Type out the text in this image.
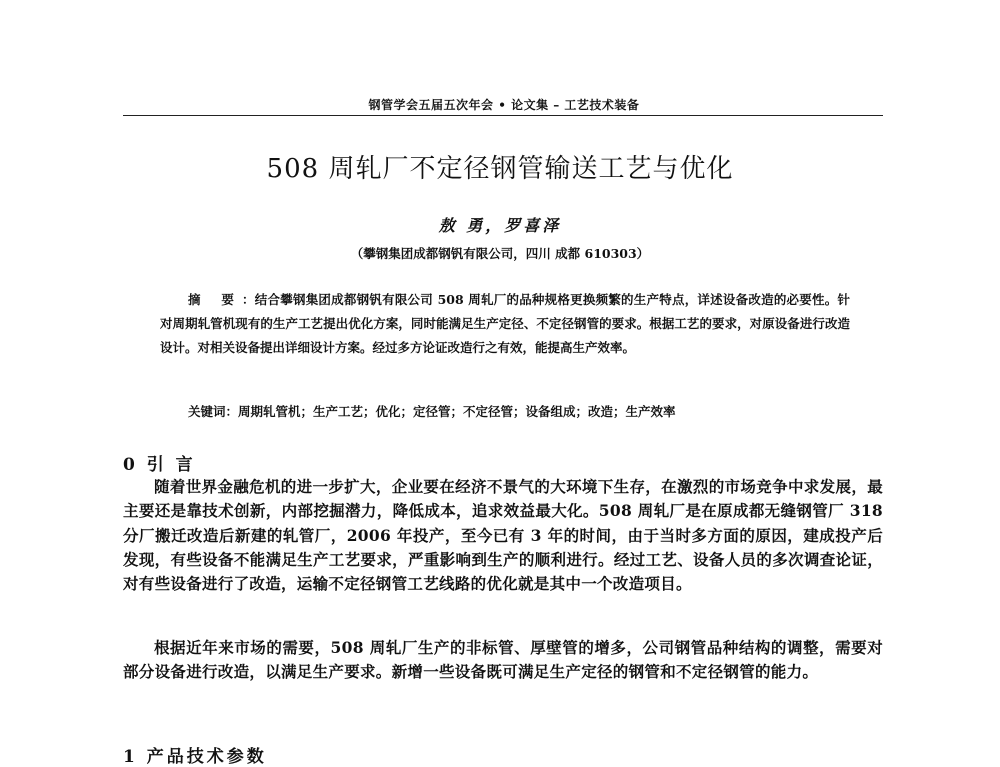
钢管学会五届五次年会 • 论文集 – 工艺技术装备
508 周轧厂不定径钢管输送工艺与优化
敖 勇，罗喜泽
（攀钢集团成都钢钒有限公司，四川 成都 610303）
摘 要：结合攀钢集团成都钢钒有限公司 508 周轧厂的品种规格更换频繁的生产特点，详述设备改造的必要性。针对周期轧管机现有的生产工艺提出优化方案，同时能满足生产定径、不定径钢管的要求。根据工艺的要求，对原设备进行改造设计。对相关设备提出详细设计方案。经过多方论证改造行之有效，能提高生产效率。
关键词：周期轧管机；生产工艺；优化；定径管；不定径管；设备组成；改造；生产效率
0 引 言
随着世界金融危机的进一步扩大，企业要在经济不景气的大环境下生存，在激烈的市场竞争中求发展，最主要还是靠技术创新，内部挖掘潜力，降低成本，追求效益最大化。508 周轧厂是在原成都无缝钢管厂 318 分厂搬迁改造后新建的轧管厂，2006 年投产，至今已有 3 年的时间，由于当时多方面的原因，建成投产后发现，有些设备不能满足生产工艺要求，严重影响到生产的顺利进行。经过工艺、设备人员的多次调查论证，对有些设备进行了改造，运输不定径钢管工艺线路的优化就是其中一个改造项目。
根据近年来市场的需要，508 周轧厂生产的非标管、厚壁管的增多，公司钢管品种结构的调整，需要对部分设备进行改造，以满足生产要求。新增一些设备既可满足生产定径的钢管和不定径钢管的能力。
1 产品技术参数
